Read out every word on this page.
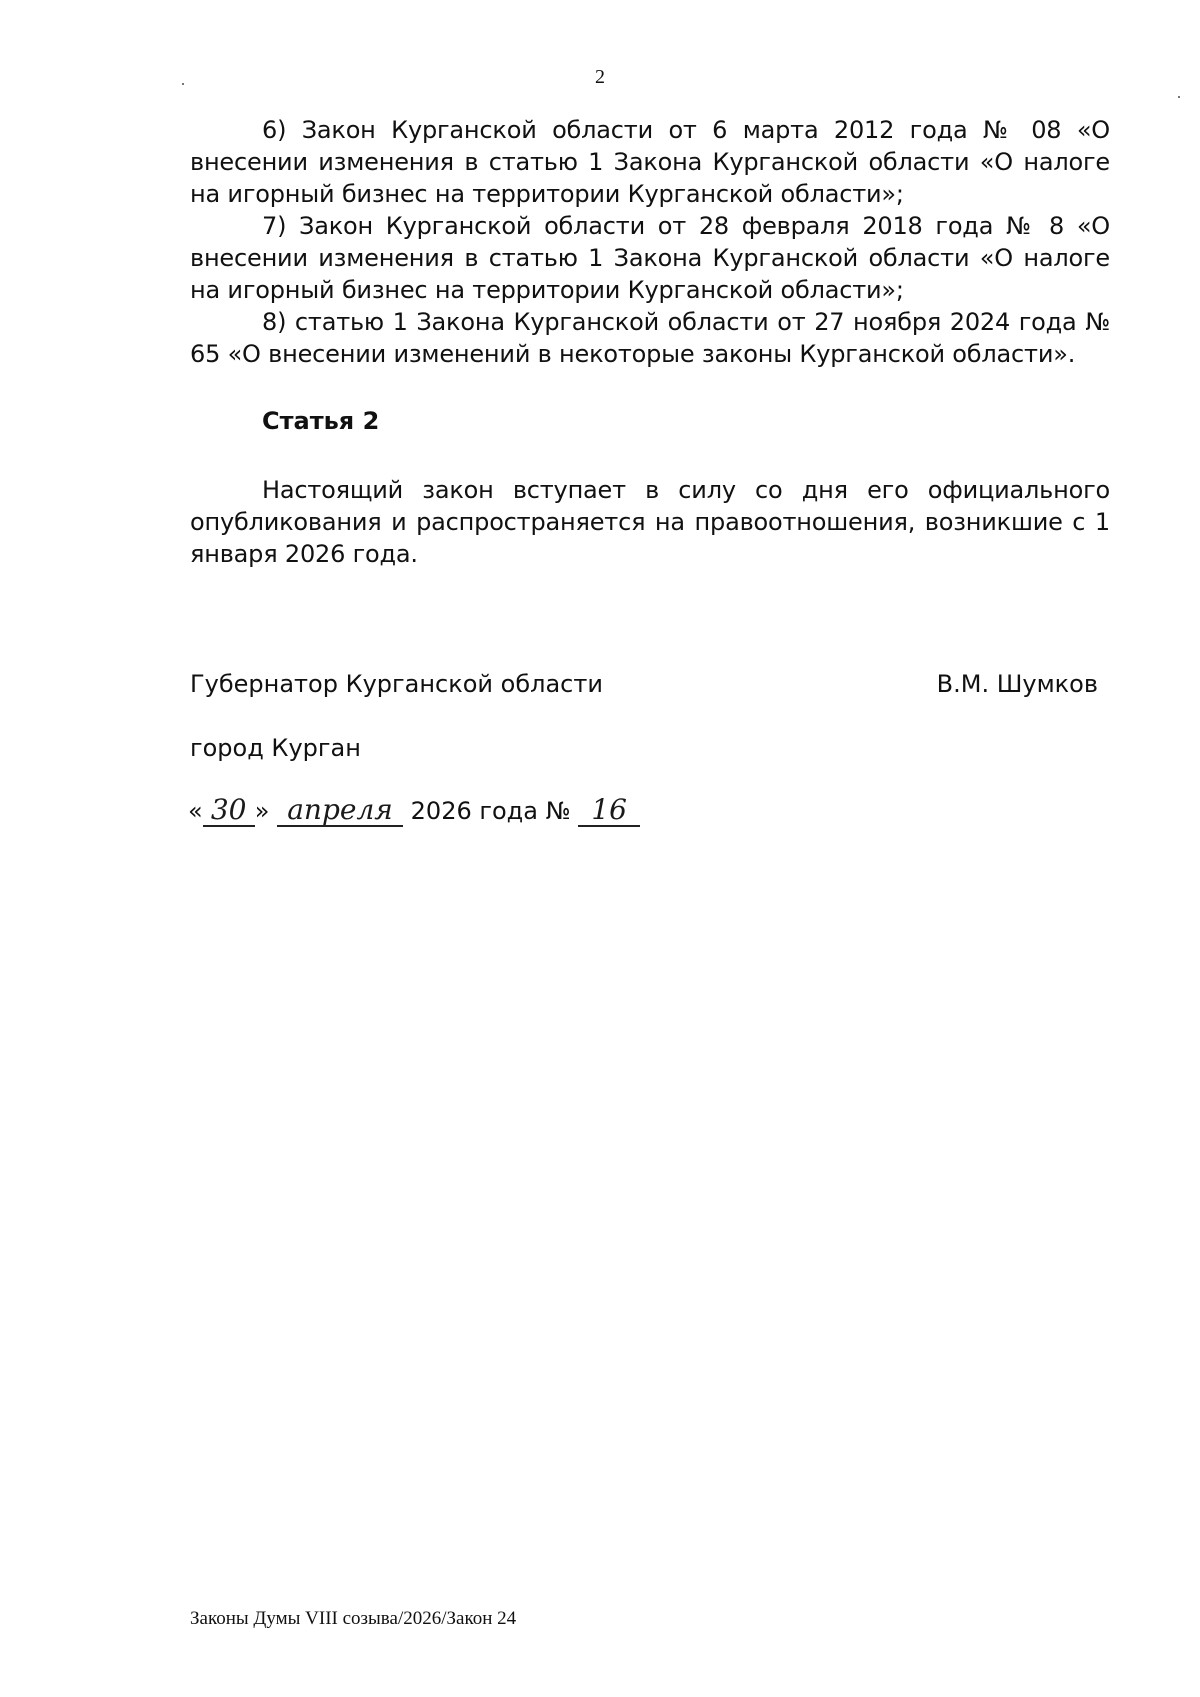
2

6) Закон Курганской области от 6 марта 2012 года № 08 «О внесении изменения в статью 1 Закона Курганской области «О налоге на игорный бизнес на территории Курганской области»;

7) Закон Курганской области от 28 февраля 2018 года № 8 «О внесении изменения в статью 1 Закона Курганской области «О налоге на игорный бизнес на территории Курганской области»;

8) статью 1 Закона Курганской области от 27 ноября 2024 года № 65 «О внесении изменений в некоторые законы Курганской области».

Статья 2

Настоящий закон вступает в силу со дня его официального опубликования и распространяется на правоотношения, возникшие с 1 января 2026 года.

Губернатор Курганской области	В.М. Шумков
город Курган
« 30 » апреля 2026 года № 16
Законы Думы VIII созыва/2026/Закон 24
